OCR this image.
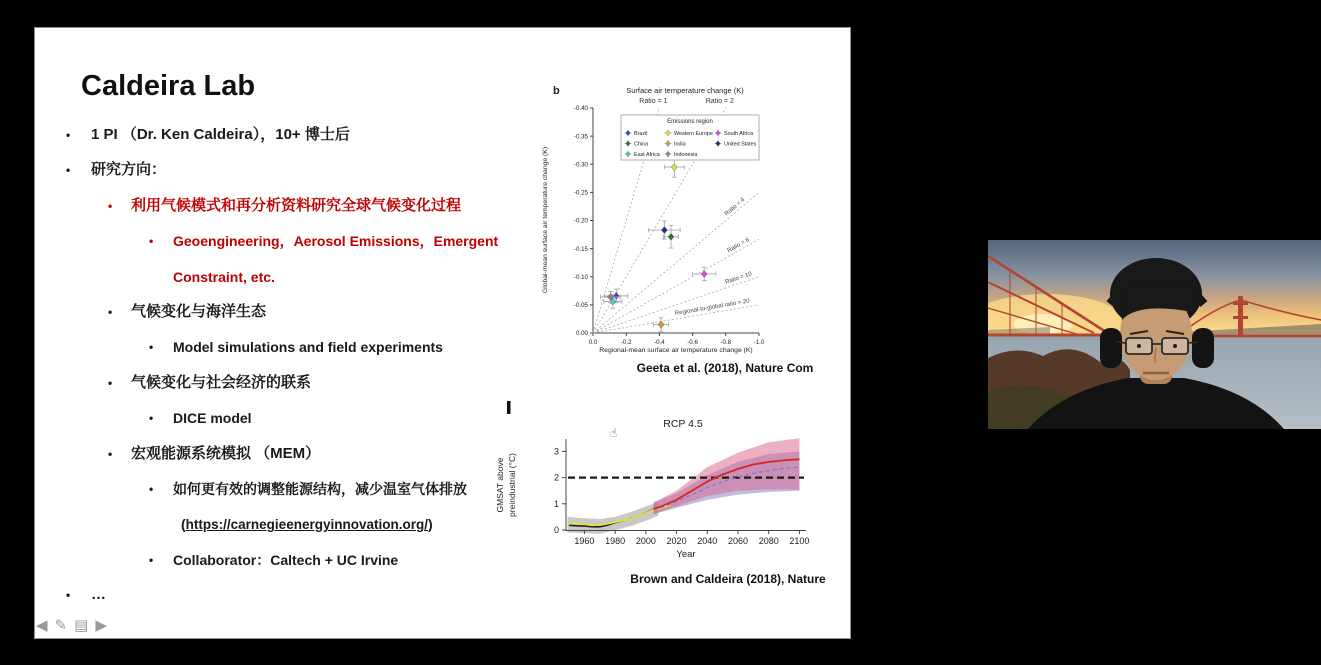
Caldeira Lab
• 1 PI （Dr. Ken Caldeira），10+ 博士后
• 研究方向：
• 利用气候模式和再分析资料研究全球气候变化过程
• Geoengineering，Aerosol Emissions，Emergent
Constraint, etc.
• 气候变化与海洋生态
• Model simulations and field experiments
• 气候变化与社会经济的联系
• DICE model
• 宏观能源系统模拟 （MEM）
• 如何更有效的调整能源结构，减少温室气体排放
(https://carnegieenergyinnovation.org/)
• Collaborator：Caltech + UC Irvine
• …
b	Surface air temperature change (K)
Global-mean surface air temperature change (K)
Regional-mean surface air temperature change (K)
0.00
-0.05
-0.10
-0.15
-0.20
-0.25
-0.30
-0.35
-0.40
0.0	-0.2	-0.4	-0.6	-0.8	-1.0
Ratio = 1	Ratio = 2
Ratio = 4
Ratio = 6
Ratio = 10
Regional-to-global ratio = 20
Emissions region
Brazil
China
East Africa
Western Europe
India
Indonesia
South Africa
United States
Geeta et al. (2018), Nature Com
1960 1980 2000 2020 2040 2060 2080 2100
0
1
2
3
RCP 4.5
Year
GMSAT above preindustrial (°C)
Brown and Caldeira (2018), Nature
☝
◀ ✎ ▤ ▶
